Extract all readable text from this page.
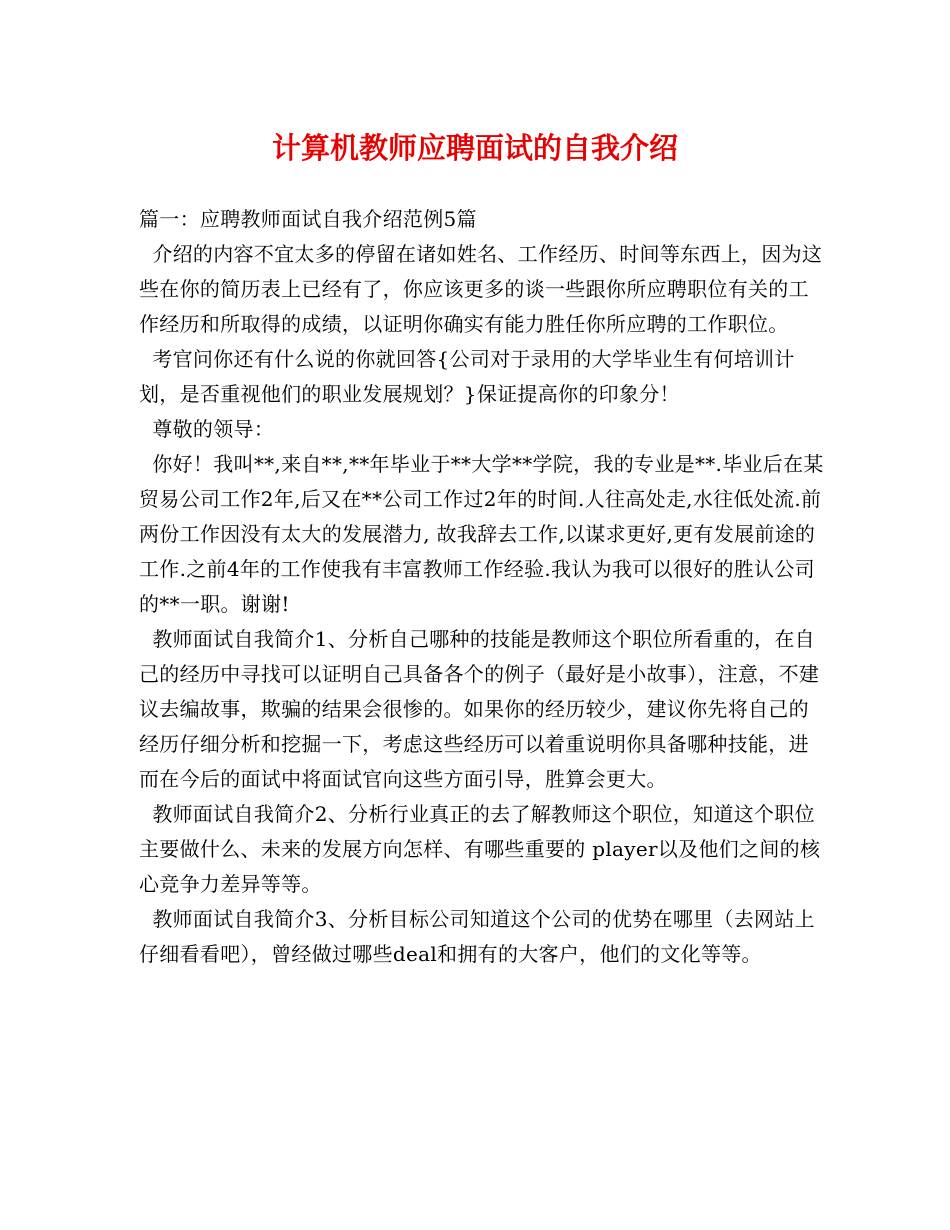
计算机教师应聘面试的自我介绍

篇一：应聘教师面试自我介绍范例5篇

介绍的内容不宜太多的停留在诸如姓名、工作经历、时间等东西上，因为这些在你的简历表上已经有了，你应该更多的谈一些跟你所应聘职位有关的工作经历和所取得的成绩，以证明你确实有能力胜任你所应聘的工作职位。

考官问你还有什么说的你就回答{公司对于录用的大学毕业生有何培训计划，是否重视他们的职业发展规划？}保证提高你的印象分！

尊敬的领导：

你好！我叫**,来自**,**年毕业于**大学**学院，我的专业是**.毕业后在某贸易公司工作2年,后又在**公司工作过2年的时间.人往高处走,水往低处流.前两份工作因没有太大的发展潜力, 故我辞去工作,以谋求更好,更有发展前途的工作.之前4年的工作使我有丰富教师工作经验.我认为我可以很好的胜认公司的**一职。谢谢!

教师面试自我简介1、分析自己哪种的技能是教师这个职位所看重的，在自己的经历中寻找可以证明自己具备各个的例子（最好是小故事），注意，不建议去编故事，欺骗的结果会很惨的。如果你的经历较少，建议你先将自己的经历仔细分析和挖掘一下，考虑这些经历可以着重说明你具备哪种技能，进而在今后的面试中将面试官向这些方面引导，胜算会更大。

教师面试自我简介2、分析行业真正的去了解教师这个职位，知道这个职位主要做什么、未来的发展方向怎样、有哪些重要的 player以及他们之间的核心竞争力差异等等。

教师面试自我简介3、分析目标公司知道这个公司的优势在哪里（去网站上仔细看看吧），曾经做过哪些deal和拥有的大客户，他们的文化等等。
